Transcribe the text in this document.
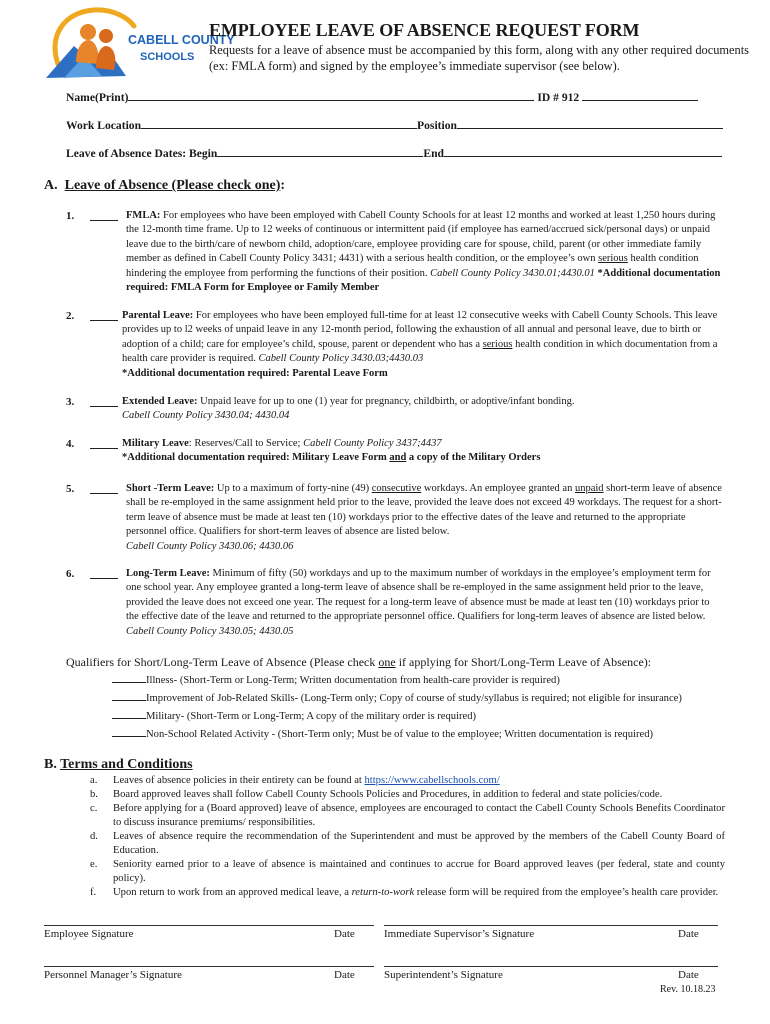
CABELL COUNTY
SCHOOLS
EMPLOYEE LEAVE OF ABSENCE REQUEST FORM
Requests for a leave of absence must be accompanied by this form, along with any other required documents (ex: FMLA form) and signed by the employee’s immediate supervisor (see below).
Name(Print)	ID # 912
Work Location	Position
Leave of Absence Dates: Begin	End
A. Leave of Absence (Please check one):
1.	FMLA: For employees who have been employed with Cabell County Schools for at least 12 months and worked at least 1,250 hours during the 12-month time frame. Up to 12 weeks of continuous or intermittent paid (if employee has earned/accrued sick/personal days) or unpaid leave due to the birth/care of newborn child, adoption/care, employee providing care for spouse, child, parent (or other immediate family member as defined in Cabell County Policy 3431; 4431) with a serious health condition, or the employee’s own serious health condition hindering the employee from performing the functions of their position. Cabell County Policy 3430.01;4430.01 *Additional documentation required: FMLA Form for Employee or Family Member
2.	Parental Leave: For employees who have been employed full-time for at least 12 consecutive weeks with Cabell County Schools. This leave provides up to l2 weeks of unpaid leave in any 12-month period, following the exhaustion of all annual and personal leave, due to birth or adoption of a child; care for employee’s child, spouse, parent or dependent who has a serious health condition in which documentation from a health care provider is required. Cabell County Policy 3430.03;4430.03
*Additional documentation required: Parental Leave Form
3.	Extended Leave: Unpaid leave for up to one (1) year for pregnancy, childbirth, or adoptive/infant bonding.
Cabell County Policy 3430.04; 4430.04
4.	Military Leave: Reserves/Call to Service; Cabell County Policy 3437;4437
*Additional documentation required: Military Leave Form and a copy of the Military Orders
5.	Short -Term Leave: Up to a maximum of forty-nine (49) consecutive workdays. An employee granted an unpaid short-term leave of absence shall be re-employed in the same assignment held prior to the leave, provided the leave does not exceed 49 workdays. The request for a short-term leave of absence must be made at least ten (10) workdays prior to the effective dates of the leave and returned to the appropriate personnel office. Qualifiers for short-term leaves of absence are listed below.
Cabell County Policy 3430.06; 4430.06
6.	Long-Term Leave: Minimum of fifty (50) workdays and up to the maximum number of workdays in the employee’s employment term for one school year. Any employee granted a long-term leave of absence shall be re-employed in the same assignment held prior to the leave, provided the leave does not exceed one year. The request for a long-term leave of absence must be made at least ten (10) workdays prior to the effective date of the leave and returned to the appropriate personnel office. Qualifiers for long-term leaves of absence are listed below. Cabell County Policy 3430.05; 4430.05
Qualifiers for Short/Long-Term Leave of Absence (Please check one if applying for Short/Long-Term Leave of Absence):
Illness- (Short-Term or Long-Term; Written documentation from health-care provider is required)
Improvement of Job-Related Skills- (Long-Term only; Copy of course of study/syllabus is required; not eligible for insurance)
Military- (Short-Term or Long-Term; A copy of the military order is required)
Non-School Related Activity - (Short-Term only; Must be of value to the employee; Written documentation is required)
B. Terms and Conditions
a. Leaves of absence policies in their entirety can be found at https://www.cabellschools.com/
b. Board approved leaves shall follow Cabell County Schools Policies and Procedures, in addition to federal and state policies/code.
c. Before applying for a (Board approved) leave of absence, employees are encouraged to contact the Cabell County Schools Benefits Coordinator to discuss insurance premiums/ responsibilities.
d. Leaves of absence require the recommendation of the Superintendent and must be approved by the members of the Cabell County Board of Education.
e. Seniority earned prior to a leave of absence is maintained and continues to accrue for Board approved leaves (per federal, state and county policy).
f. Upon return to work from an approved medical leave, a return-to-work release form will be required from the employee’s health care provider.
Employee Signature	Date	Immediate Supervisor’s Signature	Date
Personnel Manager’s Signature	Date	Superintendent’s Signature	Date
Rev. 10.18.23
